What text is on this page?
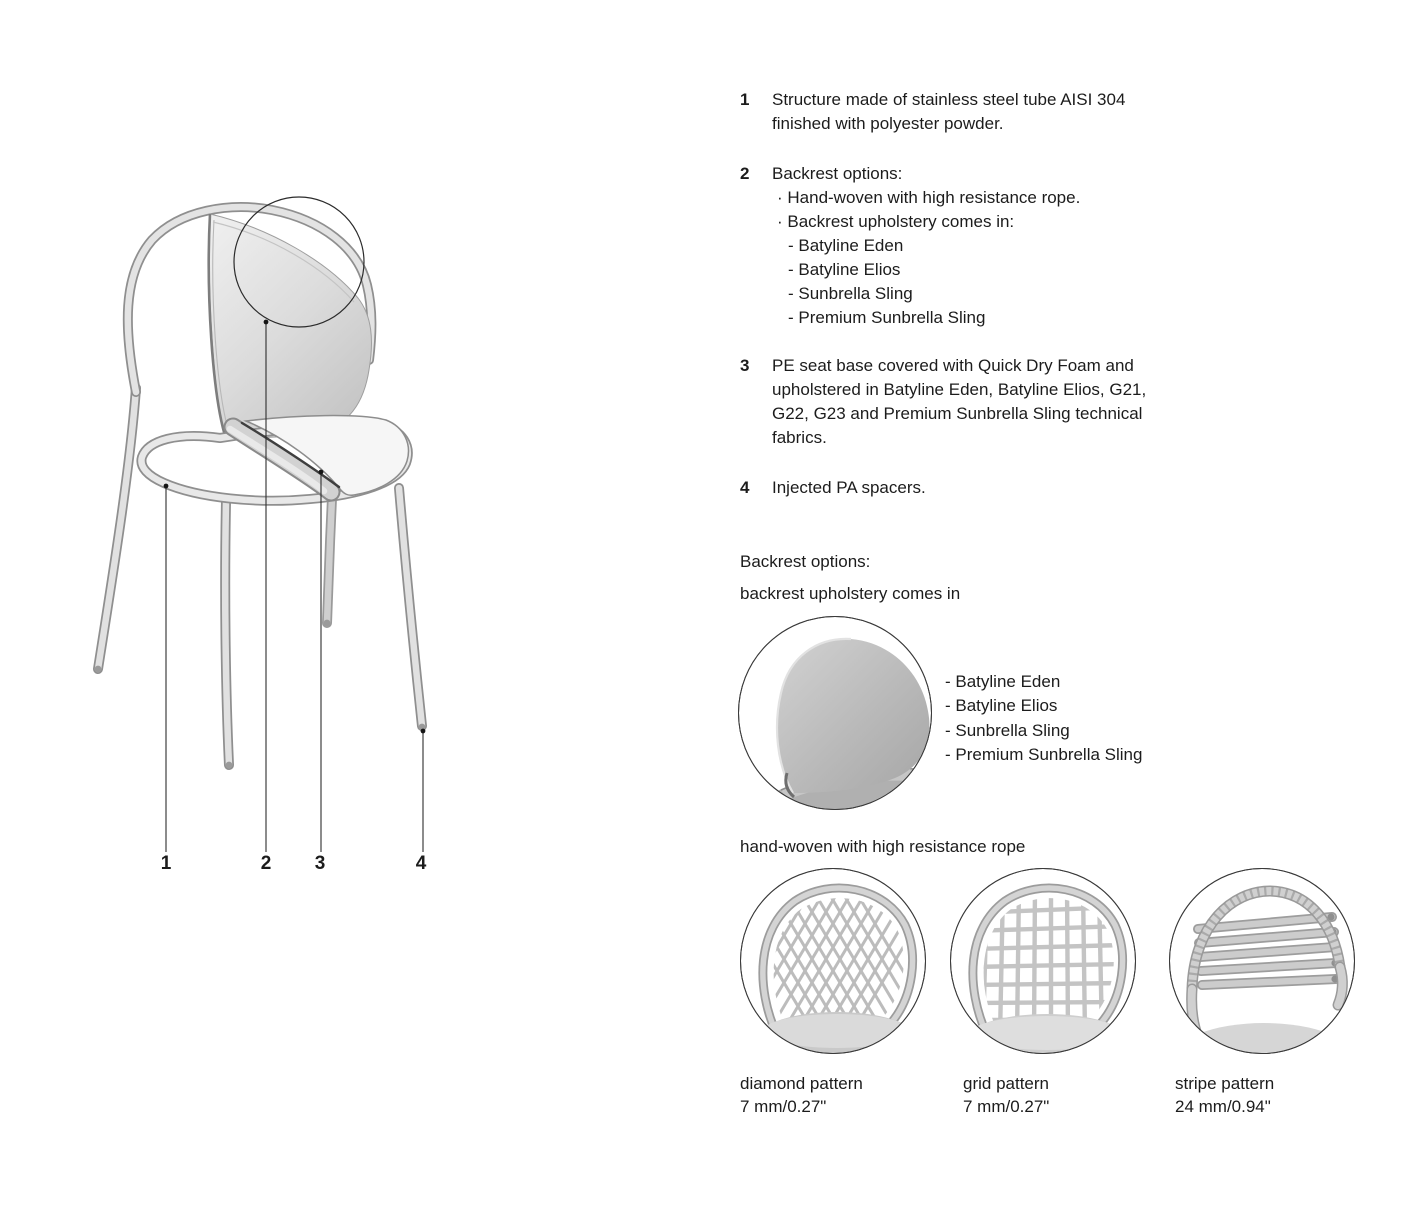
1	2	3	4
1	Structure made of stainless steel tube AISI 304
finished with polyester powder.
2	Backrest options:
· Hand-woven with high resistance rope.
· Backrest upholstery comes in:
- Batyline Eden
- Batyline Elios
- Sunbrella Sling
- Premium Sunbrella Sling
3	PE seat base covered with Quick Dry Foam and
upholstered in Batyline Eden, Batyline Elios, G21,
G22, G23 and Premium Sunbrella Sling technical
fabrics.
4	Injected PA spacers.
Backrest options:
backrest upholstery comes in
- Batyline Eden
- Batyline Elios
- Sunbrella Sling
- Premium Sunbrella Sling
hand-woven with high resistance rope
diamond pattern
7 mm/0.27"
grid pattern
7 mm/0.27"
stripe pattern
24 mm/0.94"
